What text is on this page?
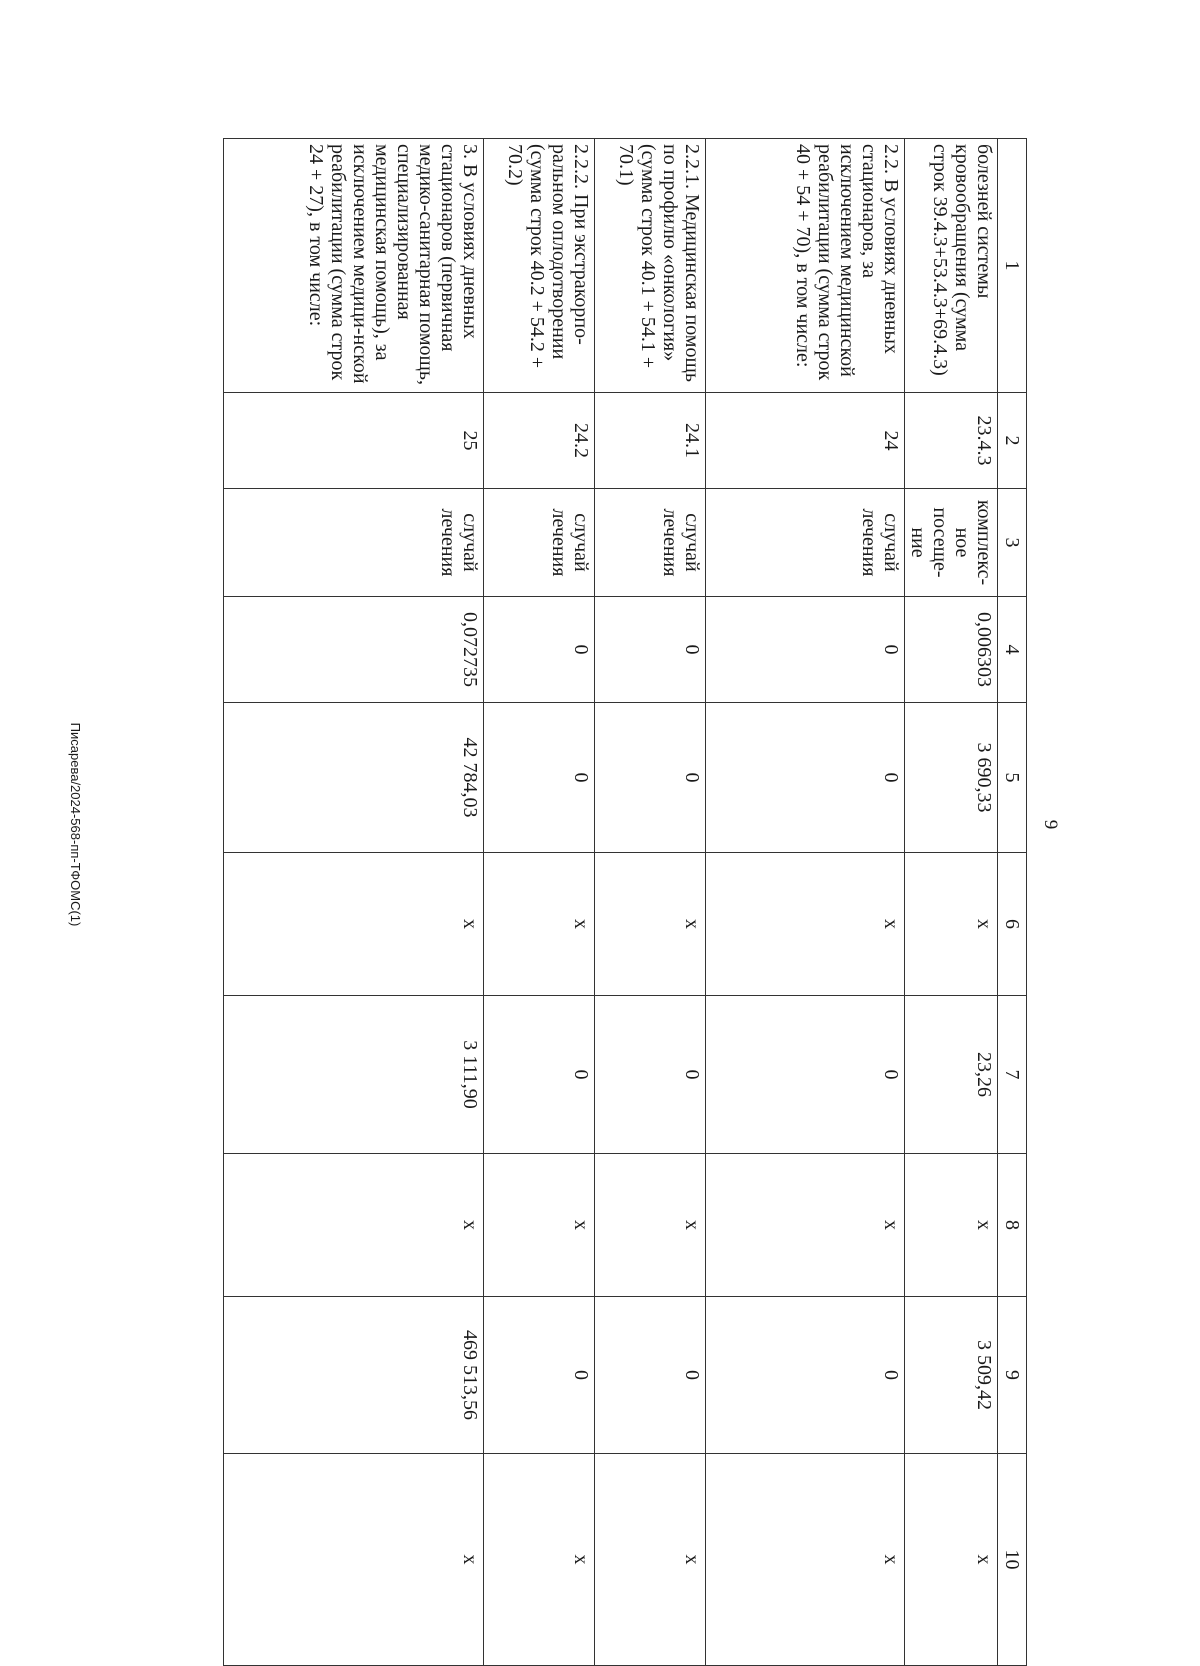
9
1	2	3	4	5	6	7	8	9	10
болезней системы кровообращения (сумма строк 39.4.3+53.4.3+69.4.3)	23.4.3	комплекс-ное посеще-ние	0,006303	3 690,33	x	23,26	x	3 509,42	x
2.2. В условиях дневных стационаров, за исключением медицинской реабилитации (сумма строк 40 + 54 + 70), в том числе:	24	случай лечения	0	0	x	0	x	0	x
2.2.1. Медицинская помощь по профилю «онкология» (сумма строк 40.1 + 54.1 + 70.1)	24.1	случай лечения	0	0	x	0	x	0	x
2.2.2. При экстракорпо-ральном оплодотворении (сумма строк 40.2 + 54.2 + 70.2)	24.2	случай лечения	0	0	x	0	x	0	x
3. В условиях дневных стационаров (первичная медико-санитарная помощь, специализированная медицинская помощь), за исключением медици-нской реабилитации (сумма строк 24 + 27), в том числе:	25	случай лечения	0,072735	42 784,03	x	3 111,90	x	469 513,56	x
Писарева/2024-568-пп-ТФОМС(1)
